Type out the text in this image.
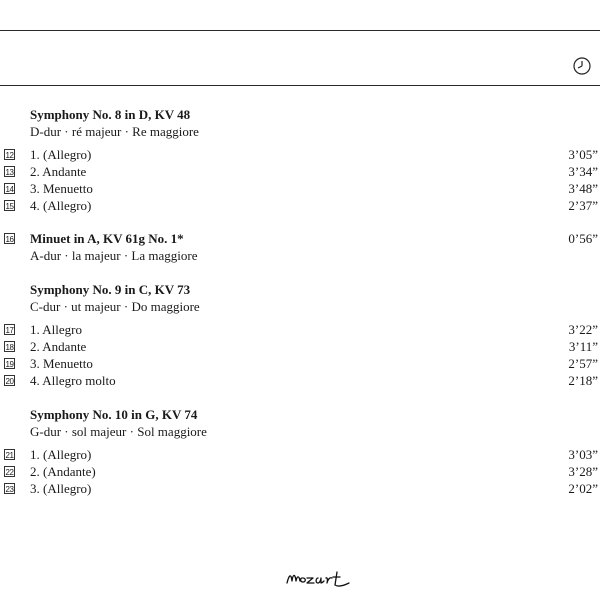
Symphony No. 8 in D, KV 48
D-dur · ré majeur · Re maggiore
12 1. (Allegro)	3’05”
13 2. Andante	3’34”
14 3. Menuetto	3’48”
15 4. (Allegro)	2’37”
16 Minuet in A, KV 61g No. 1*	0’56”
A-dur · la majeur · La maggiore
Symphony No. 9 in C, KV 73
C-dur · ut majeur · Do maggiore
17 1. Allegro	3’22”
18 2. Andante	3’11”
19 3. Menuetto	2’57”
20 4. Allegro molto	2’18”
Symphony No. 10 in G, KV 74
G-dur · sol majeur · Sol maggiore
21 1. (Allegro)	3’03”
22 2. (Andante)	3’28”
23 3. (Allegro)	2’02”
